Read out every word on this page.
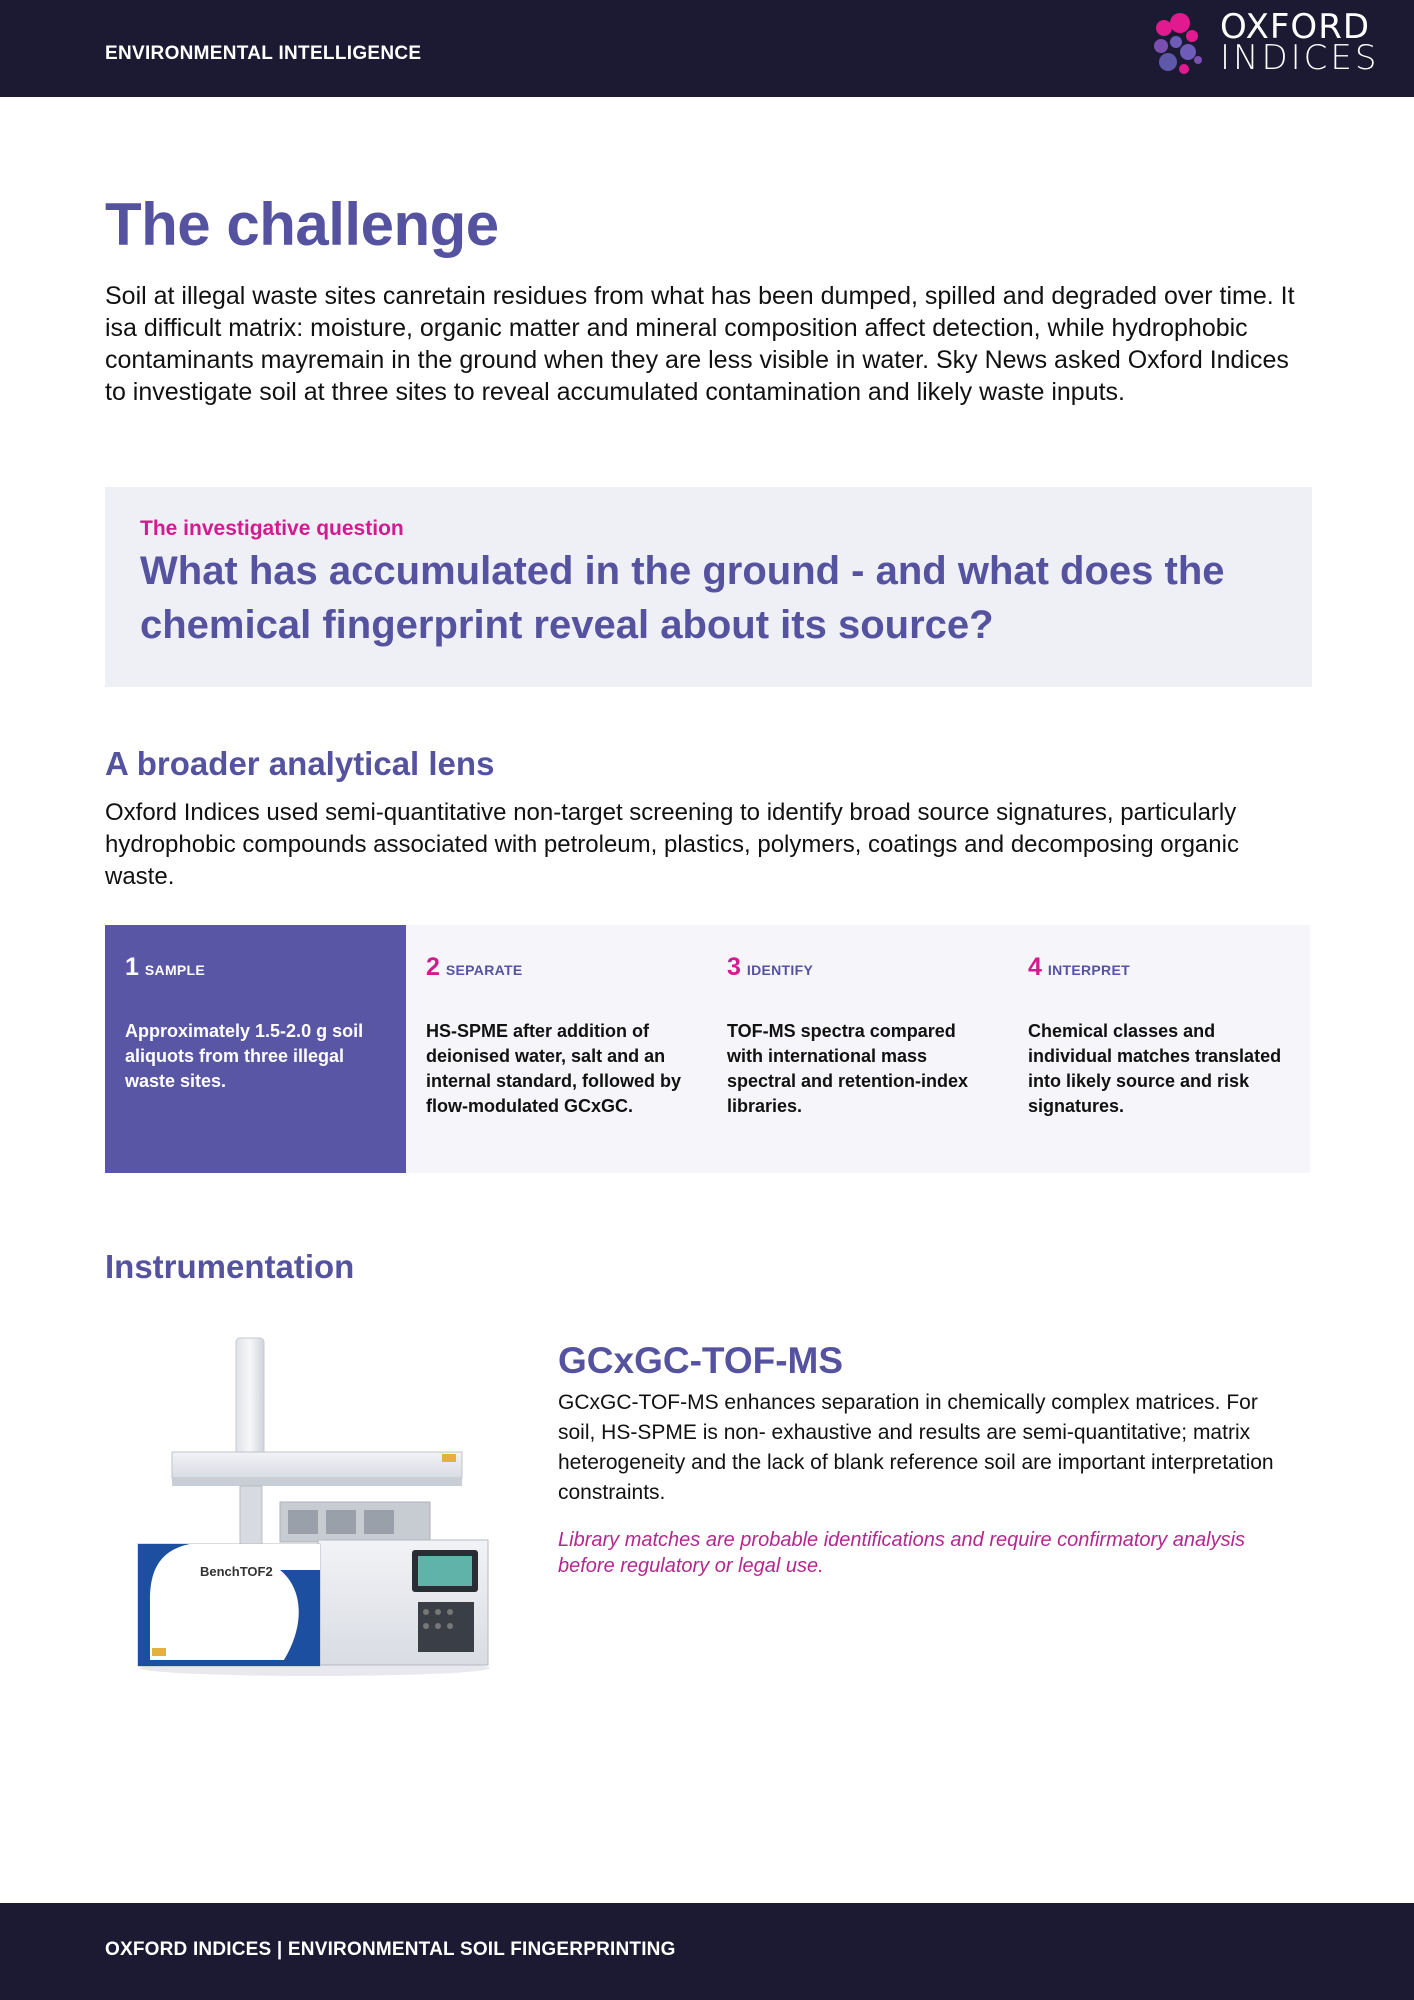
ENVIRONMENTAL INTELLIGENCE
OXFORD
INDICES
The challenge

Soil at illegal waste sites canretain residues from what has been dumped, spilled and degraded over time. It isa difficult matrix: moisture, organic matter and mineral composition affect detection, while hydrophobic contaminants mayremain in the ground when they are less visible in water. Sky News asked Oxford Indices to investigate soil at three sites to reveal accumulated contamination and likely waste inputs.

The investigative question
What has accumulated in the ground - and what does the chemical fingerprint reveal about its source?
A broader analytical lens

Oxford Indices used semi-quantitative non-target screening to identify broad source signatures, particularly hydrophobic compounds associated with petroleum, plastics, polymers, coatings and decomposing organic waste.

1 SAMPLE
Approximately 1.5-2.0 g soil aliquots from three illegal waste sites.
2 SEPARATE
HS-SPME after addition of deionised water, salt and an internal standard, followed by flow-modulated GCxGC.
3 IDENTIFY
TOF-MS spectra compared with international mass spectral and retention-index libraries.
4 INTERPRET
Chemical classes and individual matches translated into likely source and risk signatures.
Instrumentation
BenchTOF2
GCxGC-TOF-MS

GCxGC-TOF-MS enhances separation in chemically complex matrices. For soil, HS-SPME is non- exhaustive and results are semi-quantitative; matrix heterogeneity and the lack of blank reference soil are important interpretation constraints.

Library matches are probable identifications and require confirmatory analysis before regulatory or legal use.

OXFORD INDICES | ENVIRONMENTAL SOIL FINGERPRINTING
